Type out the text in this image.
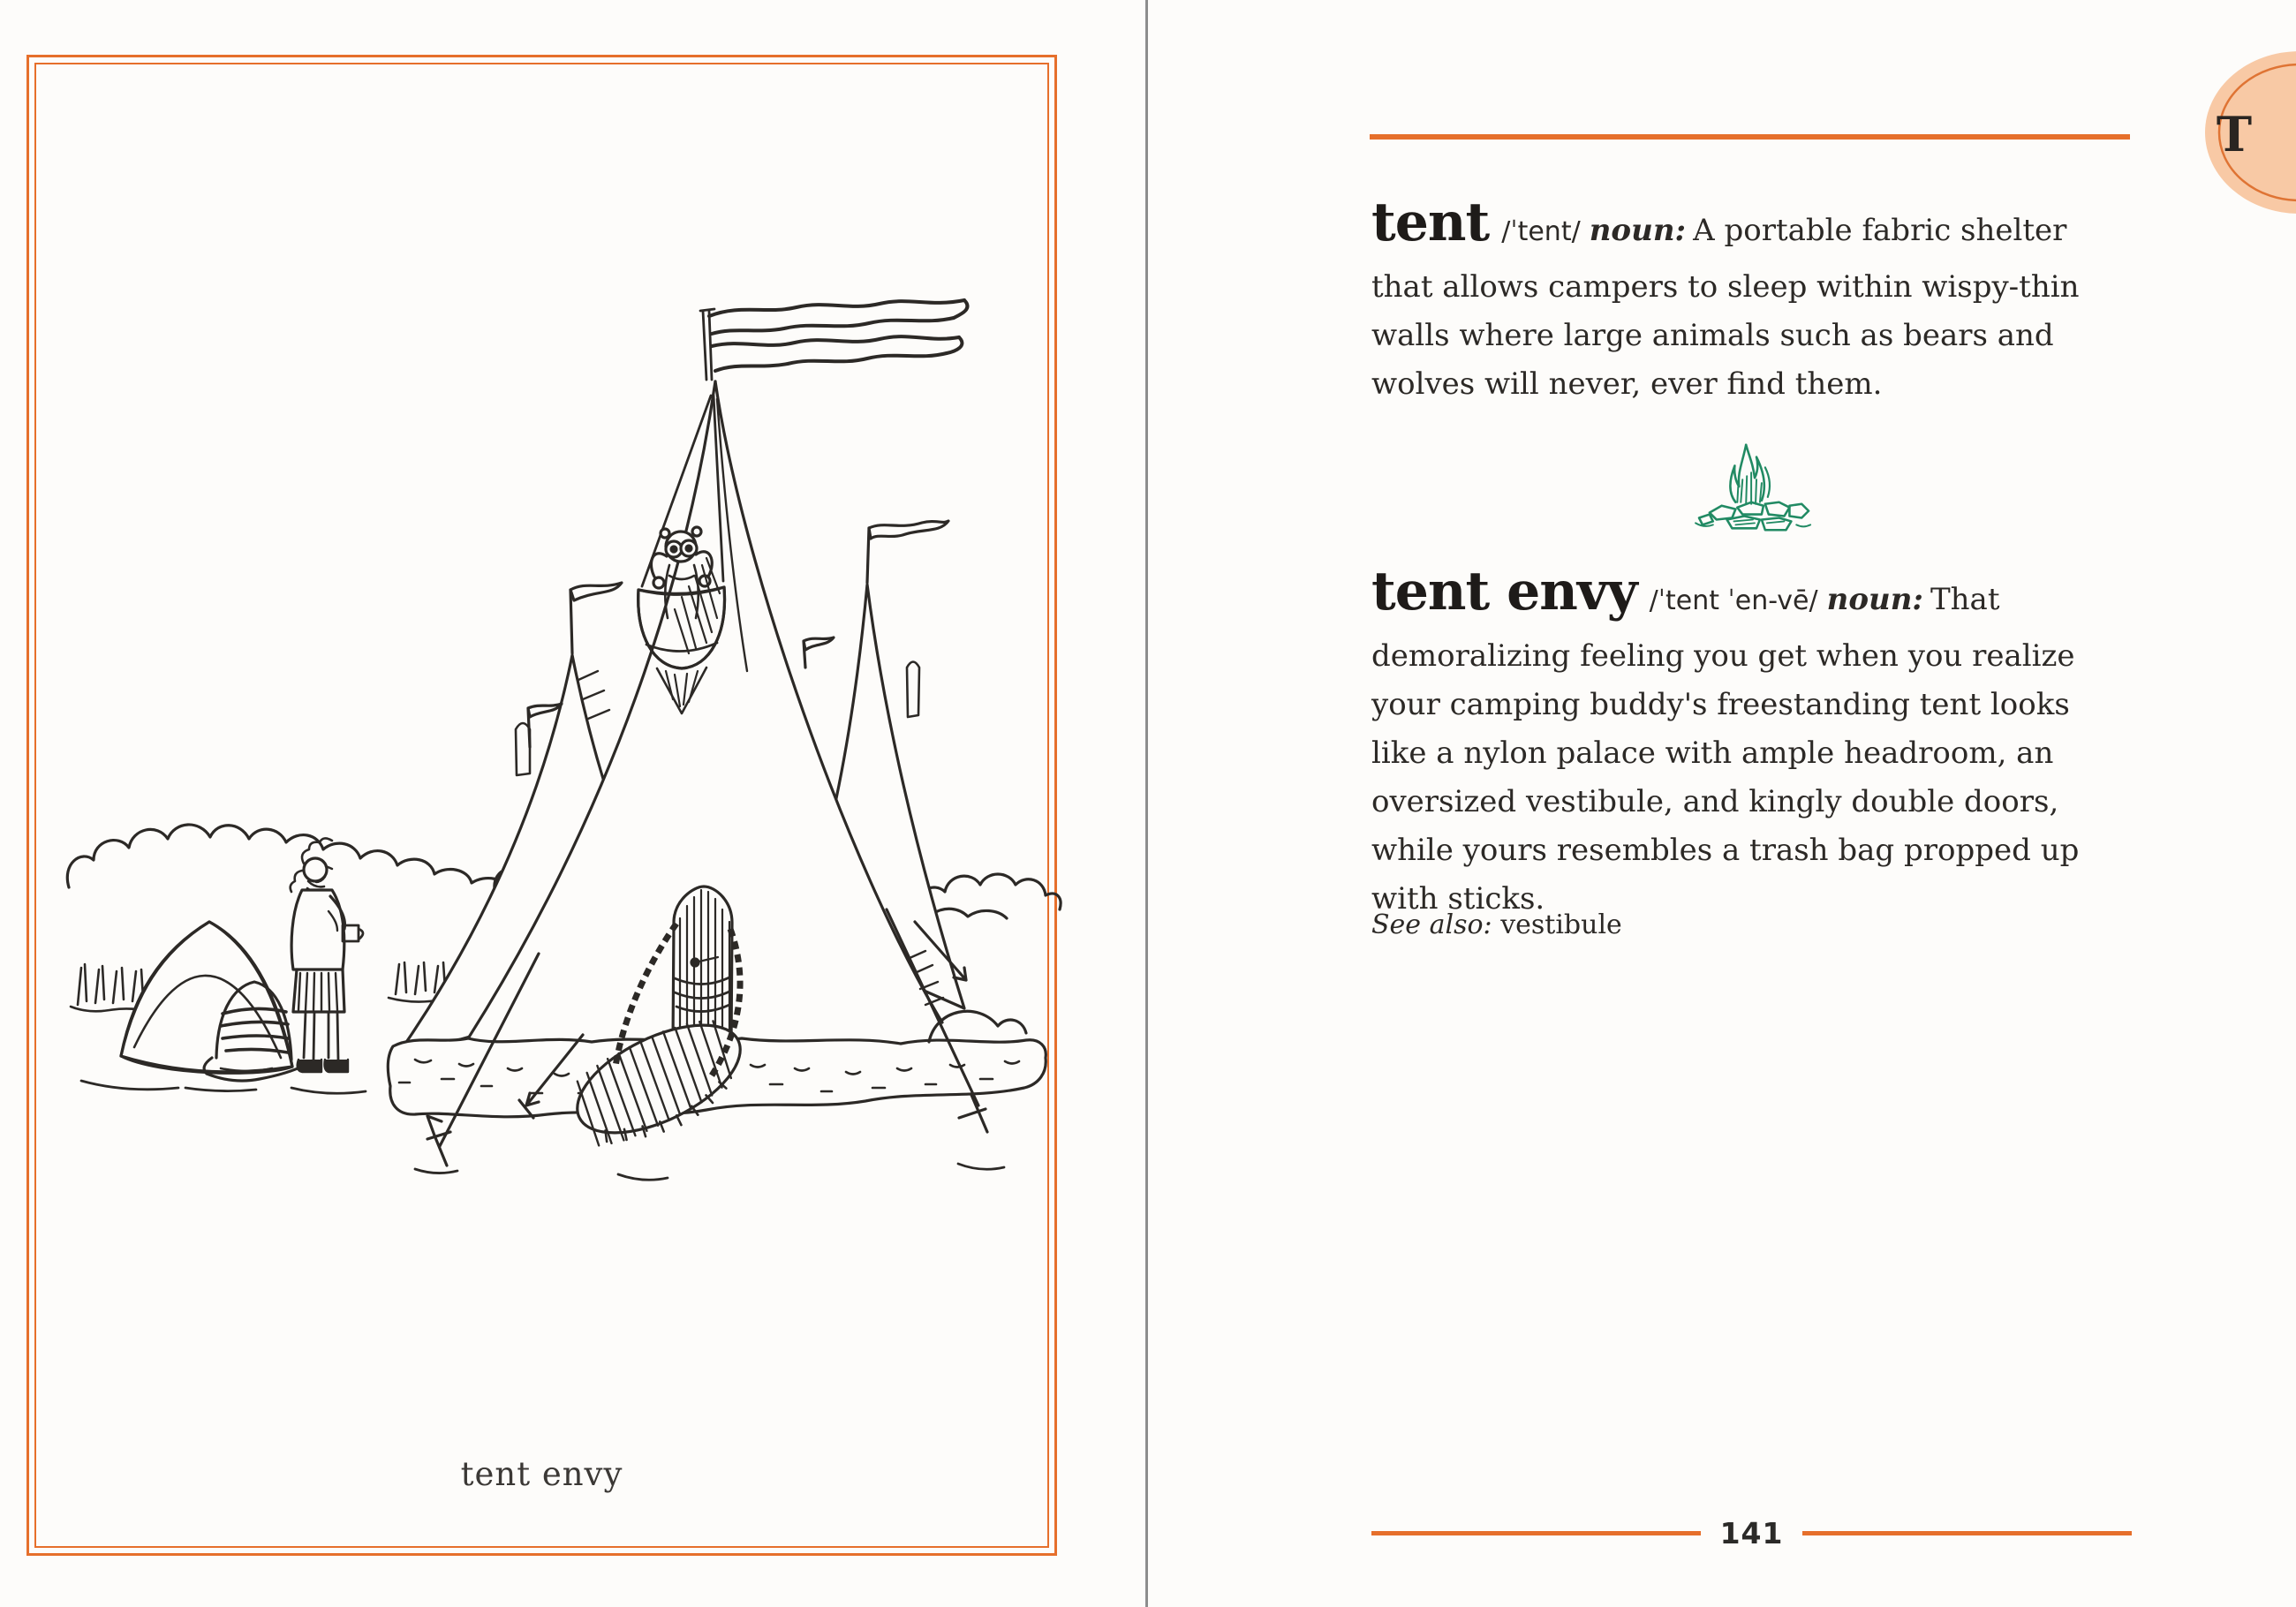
tent envy
tent /ˈtent/ noun: A portable fabric shelter
that allows campers to sleep within wispy-thin
walls where large animals such as bears and
wolves will never, ever find them.
tent envy /ˈtent ˈen-vē/ noun: That
demoralizing feeling you get when you realize
your camping buddy's freestanding tent looks
like a nylon palace with ample headroom, an
oversized vestibule, and kingly double doors,
while yours resembles a trash bag propped up
with sticks.
See also: vestibule
141
T
